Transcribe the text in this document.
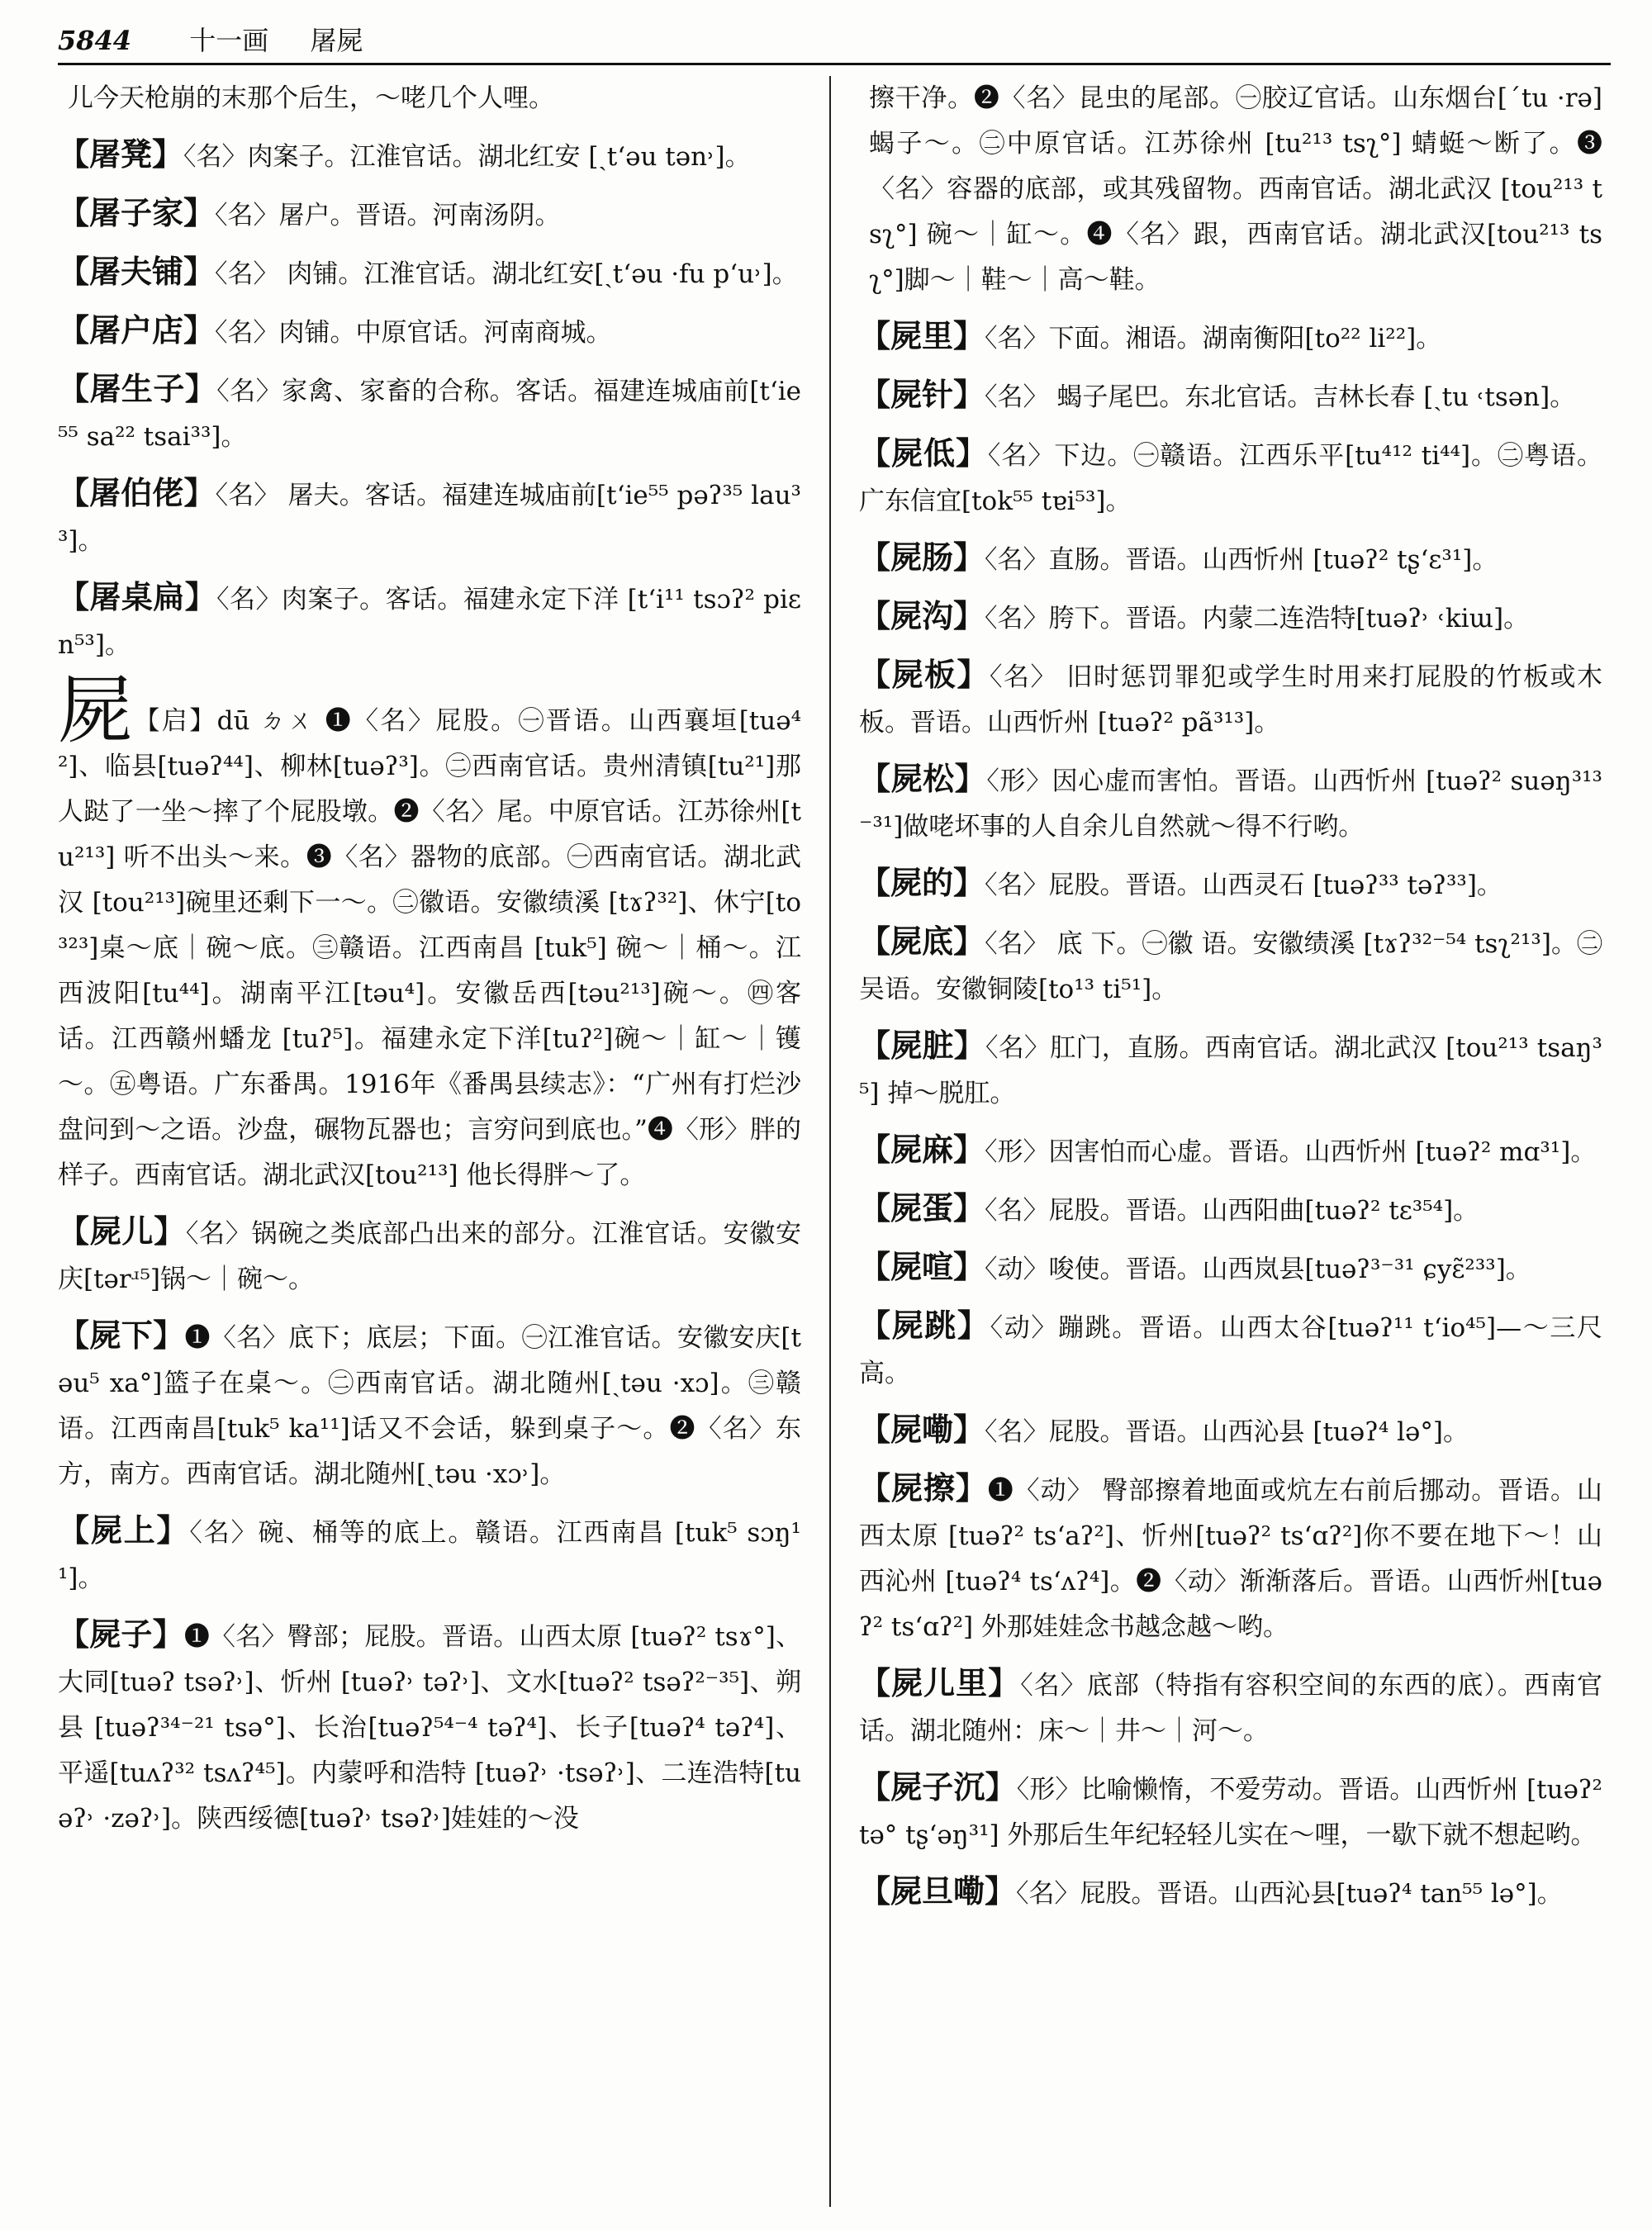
5844 十一画 屠屍

儿今天枪崩的末那个后生，～咾几个人哩。

【屠凳】〈名〉肉案子。江淮官话。湖北红安 [ˏtʻəu tən˒]。

【屠子家】〈名〉屠户。晋语。河南汤阴。

【屠夫铺】〈名〉 肉铺。江淮官话。湖北红安[ˏtʻəu ·fu pʻu˒]。

【屠户店】〈名〉肉铺。中原官话。河南商城。

【屠生子】〈名〉家禽、家畜的合称。客话。福建连城庙前[tʻie⁵⁵ sa²² tsai³³]。

【屠伯佬】〈名〉 屠夫。客话。福建连城庙前[tʻie⁵⁵ pəʔ³⁵ lau³³]。

【屠桌扁】〈名〉肉案子。客话。福建永定下洋 [tʻi¹¹ tsɔʔ² piɛn⁵³]。

屍【启】dū ㄉㄨ ❶〈名〉屁股。㊀晋语。山西襄垣[tuə⁴²]、临县[tuəʔ⁴⁴]、柳林[tuəʔ³]。㊁西南官话。贵州清镇[tu²¹]那人跶了一坐～摔了个屁股墩。❷〈名〉尾。中原官话。江苏徐州[tu²¹³] 听不出头～来。❸〈名〉器物的底部。㊀西南官话。湖北武汉 [tou²¹³]碗里还剩下一～。㊁徽语。安徽绩溪 [tɤʔ³²]、休宁[to³²³]桌～底｜碗～底。㊂赣语。江西南昌 [tuk⁵] 碗～｜桶～。江西波阳[tu⁴⁴]。湖南平江[təu⁴]。安徽岳西[təu²¹³]碗～。㊃客话。江西赣州蟠龙 [tuʔ⁵]。福建永定下洋[tuʔ²]碗～｜缸～｜镬～。㊄粤语。广东番禺。1916年《番禺县续志》：“广州有打烂沙盘问到～之语。沙盘，碾物瓦器也；言穷问到底也。”❹〈形〉胖的样子。西南官话。湖北武汉[tou²¹³] 他长得胖～了。

【屍儿】〈名〉锅碗之类底部凸出来的部分。江淮官话。安徽安庆[tərʴ⁵]锅～｜碗～。

【屍下】❶〈名〉底下；底层；下面。㊀江淮官话。安徽安庆[təu⁵ xa°]篮子在桌～。㊁西南官话。湖北随州[ˏtəu ·xɔ]。㊂赣 语。江西南昌[tuk⁵ ka¹¹]话又不会话，躲到桌子～。❷〈名〉东方，南方。西南官话。湖北随州[ˏtəu ·xɔ˒]。

【屍上】〈名〉碗、桶等的底上。赣语。江西南昌 [tuk⁵ sɔŋ¹¹]。

【屍子】❶〈名〉臀部；屁股。晋语。山西太原 [tuəʔ² tsɤ°]、大同[tuəʔ tsəʔ˒]、忻州 [tuəʔ˒ təʔ˒]、文水[tuəʔ² tsəʔ²⁻³⁵]、朔县 [tuəʔ³⁴⁻²¹ tsə°]、长治[tuəʔ⁵⁴⁻⁴ təʔ⁴]、长子[tuəʔ⁴ təʔ⁴]、平遥[tuʌʔ³² tsʌʔ⁴⁵]。内蒙呼和浩特 [tuəʔ˒ ·tsəʔ˒]、二连浩特[tuəʔ˒ ·zəʔ˒]。陕西绥德[tuəʔ˒ tsəʔ˒]娃娃的～没

擦干净。❷〈名〉昆虫的尾部。㊀胶辽官话。山东烟台[ˊtu ·rə] 蝎子～。㊁中原官话。江苏徐州 [tu²¹³ tsʅ°] 蜻蜓～断了。❸〈名〉容器的底部，或其残留物。西南官话。湖北武汉 [tou²¹³ tsʅ°] 碗～｜缸～。❹〈名〉跟，西南官话。湖北武汉[tou²¹³ tsʅ°]脚～｜鞋～｜高～鞋。

【屍里】〈名〉下面。湘语。湖南衡阳[to²² li²²]。

【屍针】〈名〉 蝎子尾巴。东北官话。吉林长春 [ˏtu ˓tsən]。

【屍低】〈名〉下边。㊀赣语。江西乐平[tu⁴¹² ti⁴⁴]。㊁粤语。广东信宜[tok⁵⁵ tɐi⁵³]。

【屍肠】〈名〉直肠。晋语。山西忻州 [tuəʔ² tʂʻɛ³¹]。

【屍沟】〈名〉胯下。晋语。内蒙二连浩特[tuəʔ˒ ˓kiɯ]。

【屍板】〈名〉 旧时惩罚罪犯或学生时用来打屁股的竹板或木板。晋语。山西忻州 [tuəʔ² pã³¹³]。

【屍松】〈形〉因心虚而害怕。晋语。山西忻州 [tuəʔ² suəŋ³¹³⁻³¹]做咾坏事的人自余儿自然就～得不行哟。

【屍的】〈名〉屁股。晋语。山西灵石 [tuəʔ³³ təʔ³³]。

【屍底】〈名〉 底 下。㊀徽 语。安徽绩溪 [tɤʔ³²⁻⁵⁴ tsʅ²¹³]。㊁吴语。安徽铜陵[to¹³ ti⁵¹]。

【屍脏】〈名〉肛门，直肠。西南官话。湖北武汉 [tou²¹³ tsaŋ³⁵] 掉～脱肛。

【屍麻】〈形〉因害怕而心虚。晋语。山西忻州 [tuəʔ² mɑ³¹]。

【屍蛋】〈名〉屁股。晋语。山西阳曲[tuəʔ² tɛ³⁵⁴]。

【屍喧】〈动〉唆使。晋语。山西岚县[tuəʔ³⁻³¹ ɕyɛ̃²³³]。

【屍跳】〈动〉蹦跳。晋语。山西太谷[tuəʔ¹¹ tʻio⁴⁵]—～三尺高。

【屍嘞】〈名〉屁股。晋语。山西沁县 [tuəʔ⁴ lə°]。

【屍擦】❶〈动〉 臀部擦着地面或炕左右前后挪动。晋语。山西太原 [tuəʔ² tsʻaʔ²]、忻州[tuəʔ² tsʻɑʔ²]你不要在地下～！山西沁州 [tuəʔ⁴ tsʻʌʔ⁴]。❷〈动〉渐渐落后。晋语。山西忻州[tuəʔ² tsʻɑʔ²] 外那娃娃念书越念越～哟。

【屍儿里】〈名〉底部（特指有容积空间的东西的底）。西南官话。湖北随州：床～｜井～｜河～。

【屍子沉】〈形〉比喻懒惰，不爱劳动。晋语。山西忻州 [tuəʔ² tə° tʂʻəŋ³¹] 外那后生年纪轻轻儿实在～哩，一歇下就不想起哟。

【屍旦嘞】〈名〉屁股。晋语。山西沁县[tuəʔ⁴ tan⁵⁵ lə°]。
